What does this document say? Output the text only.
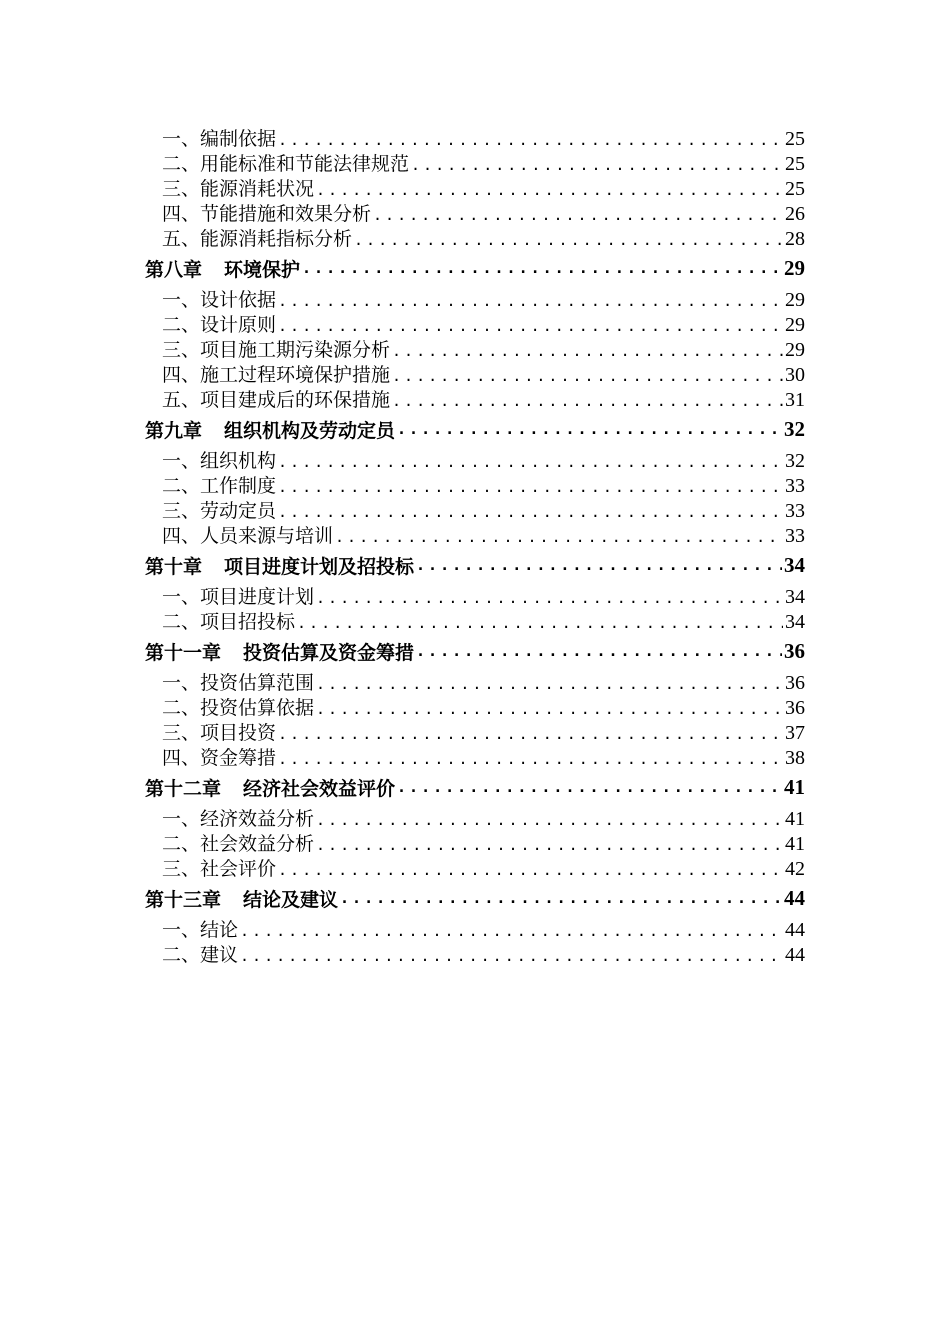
一、编制依据 .....	25
二、用能标准和节能法律规范 .....	25
三、能源消耗状况 .....	25
四、节能措施和效果分析 .....	26
五、能源消耗指标分析 .....	28
第八章 环境保护 .....	29
一、设计依据 .....	29
二、设计原则 .....	29
三、项目施工期污染源分析 .....	29
四、施工过程环境保护措施 .....	30
五、项目建成后的环保措施 .....	31
第九章 组织机构及劳动定员 .....	32
一、组织机构 .....	32
二、工作制度 .....	33
三、劳动定员 .....	33
四、人员来源与培训 .....	33
第十章 项目进度计划及招投标 .....	34
一、项目进度计划 .....	34
二、项目招投标 .....	34
第十一章 投资估算及资金筹措 .....	36
一、投资估算范围 .....	36
二、投资估算依据 .....	36
三、项目投资 .....	37
四、资金筹措 .....	38
第十二章 经济社会效益评价 .....	41
一、经济效益分析 .....	41
二、社会效益分析 .....	41
三、社会评价 .....	42
第十三章 结论及建议 .....	44
一、结论 .....	44
二、建议 .....	44
